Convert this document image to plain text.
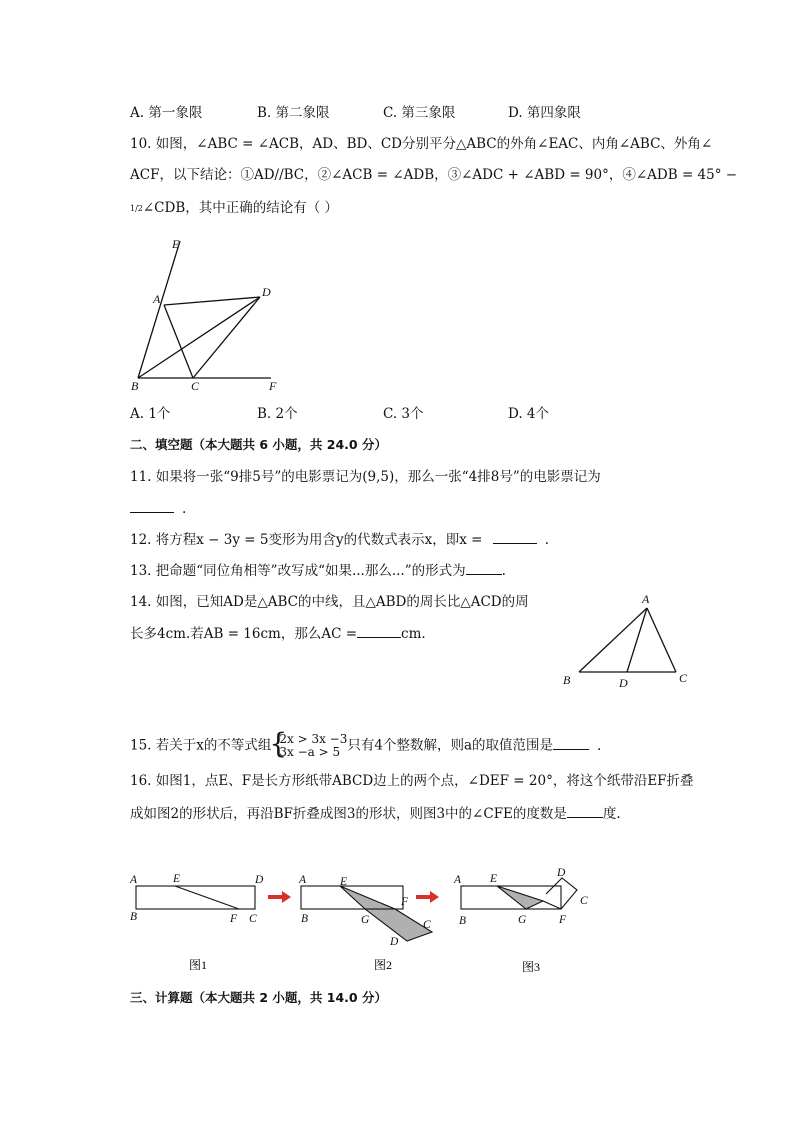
A. 第一象限	B. 第二象限	C. 第三象限	D. 第四象限
10. 如图，∠ABC = ∠ACB，AD、BD、CD分别平分△ABC的外角∠EAC、内角∠ABC、外角∠
ACF，以下结论：①AD//BC，②∠ACB = ∠ADB，③∠ADC + ∠ABD = 90°，④∠ADB = 45° −
1/2∠CDB，其中正确的结论有（ ）
E
A	D
B	C	F
A. 1个	B. 2个	C. 3个	D. 4个
二、填空题（本大题共 6 小题，共 24.0 分）
11. 如果将一张“9排5号”的电影票记为(9,5)，那么一张“4排8号”的电影票记为
.
12. 将方程x − 3y = 5变形为用含y的代数式表示x，即x =	.
13. 把命题“同位角相等”改写成“如果...那么...”的形式为	.
14. 如图，已知AD是△ABC的中线，且△ABD的周长比△ACD的周
长多4cm.若AB = 16cm，那么AC =	cm.
A
B	D	C
15. 若关于x的不等式组
{ 2x > 3x −3
3x −a > 5 只有4个整数解，则a的取值范围是	.
16. 如图1，点E、F是长方形纸带ABCD边上的两个点，∠DEF = 20°，将这个纸带沿EF折叠
成如图2的形状后，再沿BF折叠成图3的形状，则图3中的∠CFE的度数是	度.
A	E	D
B	F C
图1
A	E
F
B	G	C
D
图2
A	E	D
C
B	G	F
图3
三、计算题（本大题共 2 小题，共 14.0 分）
